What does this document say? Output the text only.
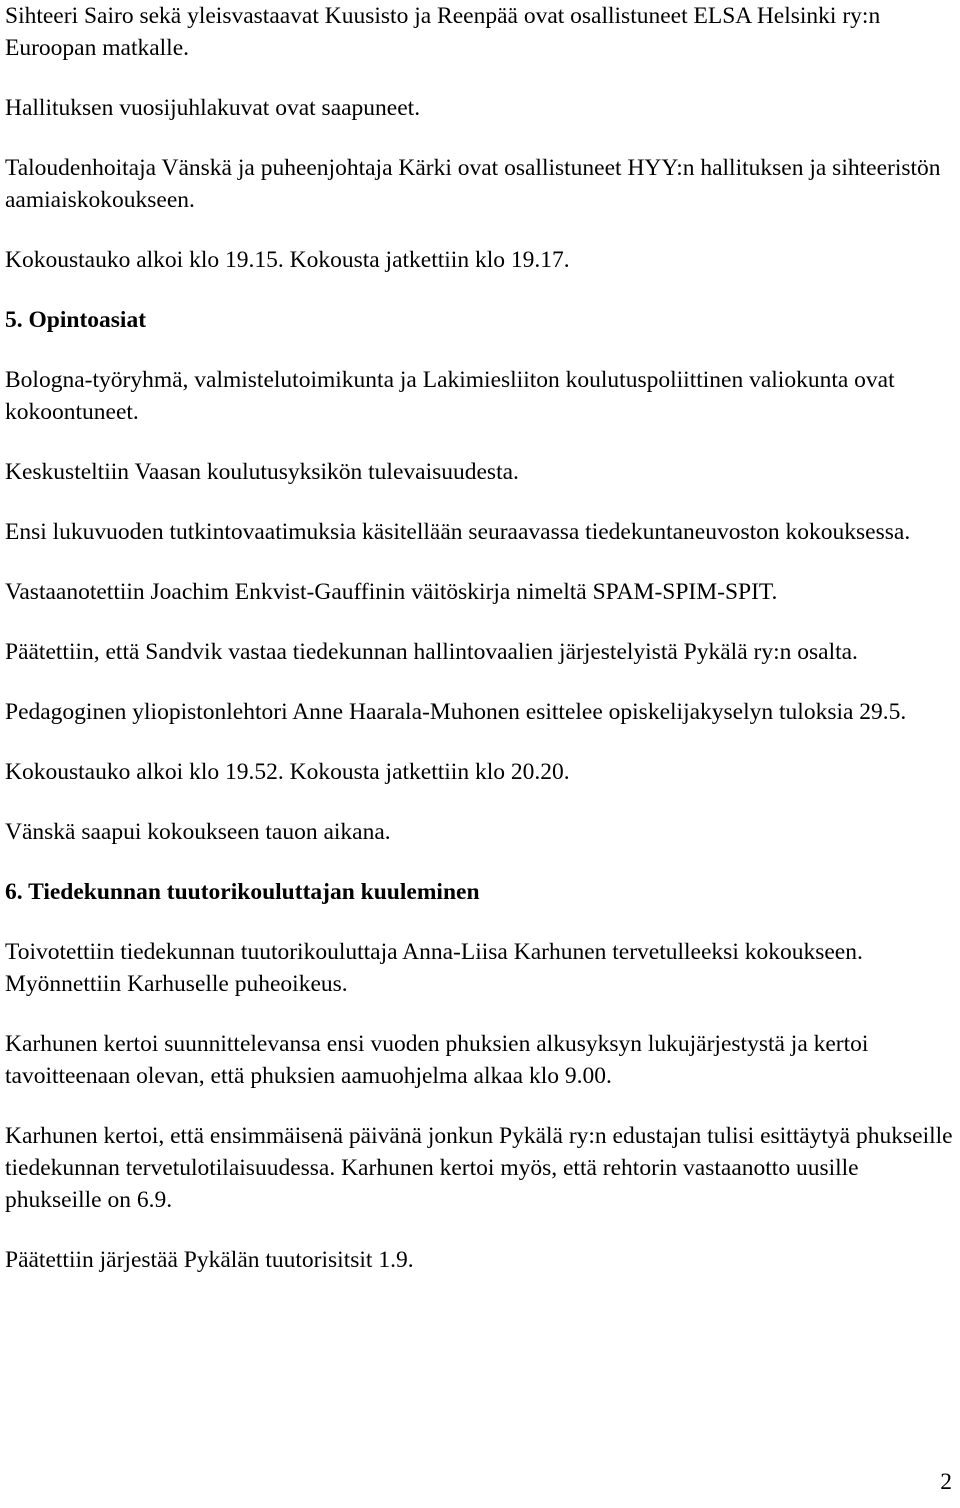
Sihteeri Sairo sekä yleisvastaavat Kuusisto ja Reenpää ovat osallistuneet ELSA Helsinki ry:n Euroopan matkalle.

Hallituksen vuosijuhlakuvat ovat saapuneet.

Taloudenhoitaja Vänskä ja puheenjohtaja Kärki ovat osallistuneet HYY:n hallituksen ja sihteeristön aamiaiskokoukseen.

Kokoustauko alkoi klo 19.15. Kokousta jatkettiin klo 19.17.

5. Opintoasiat

Bologna-työryhmä, valmistelutoimikunta ja Lakimiesliiton koulutuspoliittinen valiokunta ovat kokoontuneet.

Keskusteltiin Vaasan koulutusyksikön tulevaisuudesta.

Ensi lukuvuoden tutkintovaatimuksia käsitellään seuraavassa tiedekuntaneuvoston kokouksessa.

Vastaanotettiin Joachim Enkvist-Gauffinin väitöskirja nimeltä SPAM-SPIM-SPIT.

Päätettiin, että Sandvik vastaa tiedekunnan hallintovaalien järjestelyistä Pykälä ry:n osalta.

Pedagoginen yliopistonlehtori Anne Haarala-Muhonen esittelee opiskelijakyselyn tuloksia 29.5.

Kokoustauko alkoi klo 19.52. Kokousta jatkettiin klo 20.20.

Vänskä saapui kokoukseen tauon aikana.

6. Tiedekunnan tuutorikouluttajan kuuleminen

Toivotettiin tiedekunnan tuutorikouluttaja Anna-Liisa Karhunen tervetulleeksi kokoukseen. Myönnettiin Karhuselle puheoikeus.

Karhunen kertoi suunnittelevansa ensi vuoden phuksien alkusyksyn lukujärjestystä ja kertoi tavoitteenaan olevan, että phuksien aamuohjelma alkaa klo 9.00.

Karhunen kertoi, että ensimmäisenä päivänä jonkun Pykälä ry:n edustajan tulisi esittäytyä phukseille tiedekunnan tervetulotilaisuudessa. Karhunen kertoi myös, että rehtorin vastaanotto uusille phukseille on 6.9.

Päätettiin järjestää Pykälän tuutorisitsit 1.9.

2
